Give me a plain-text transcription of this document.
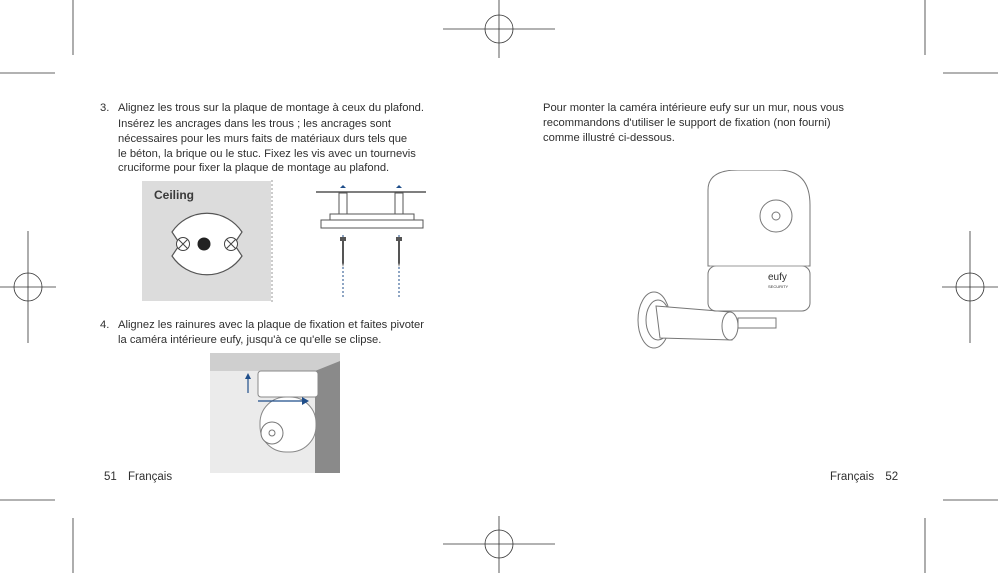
3. Alignez les trous sur la plaque de montage à ceux du plafond.
Insérez les ancrages dans les trous ; les ancrages sont
nécessaires pour les murs faits de matériaux durs tels que
le béton, la brique ou le stuc. Fixez les vis avec un tournevis
cruciforme pour fixer la plaque de montage au plafond.
Ceiling
4. Alignez les rainures avec la plaque de fixation et faites pivoter
la caméra intérieure eufy, jusqu'à ce qu'elle se clipse.
51 Français
Pour monter la caméra intérieure eufy sur un mur, nous vous
recommandons d'utiliser le support de fixation (non fourni)
comme illustré ci-dessous.
eufy
SECURITY
Français 52
